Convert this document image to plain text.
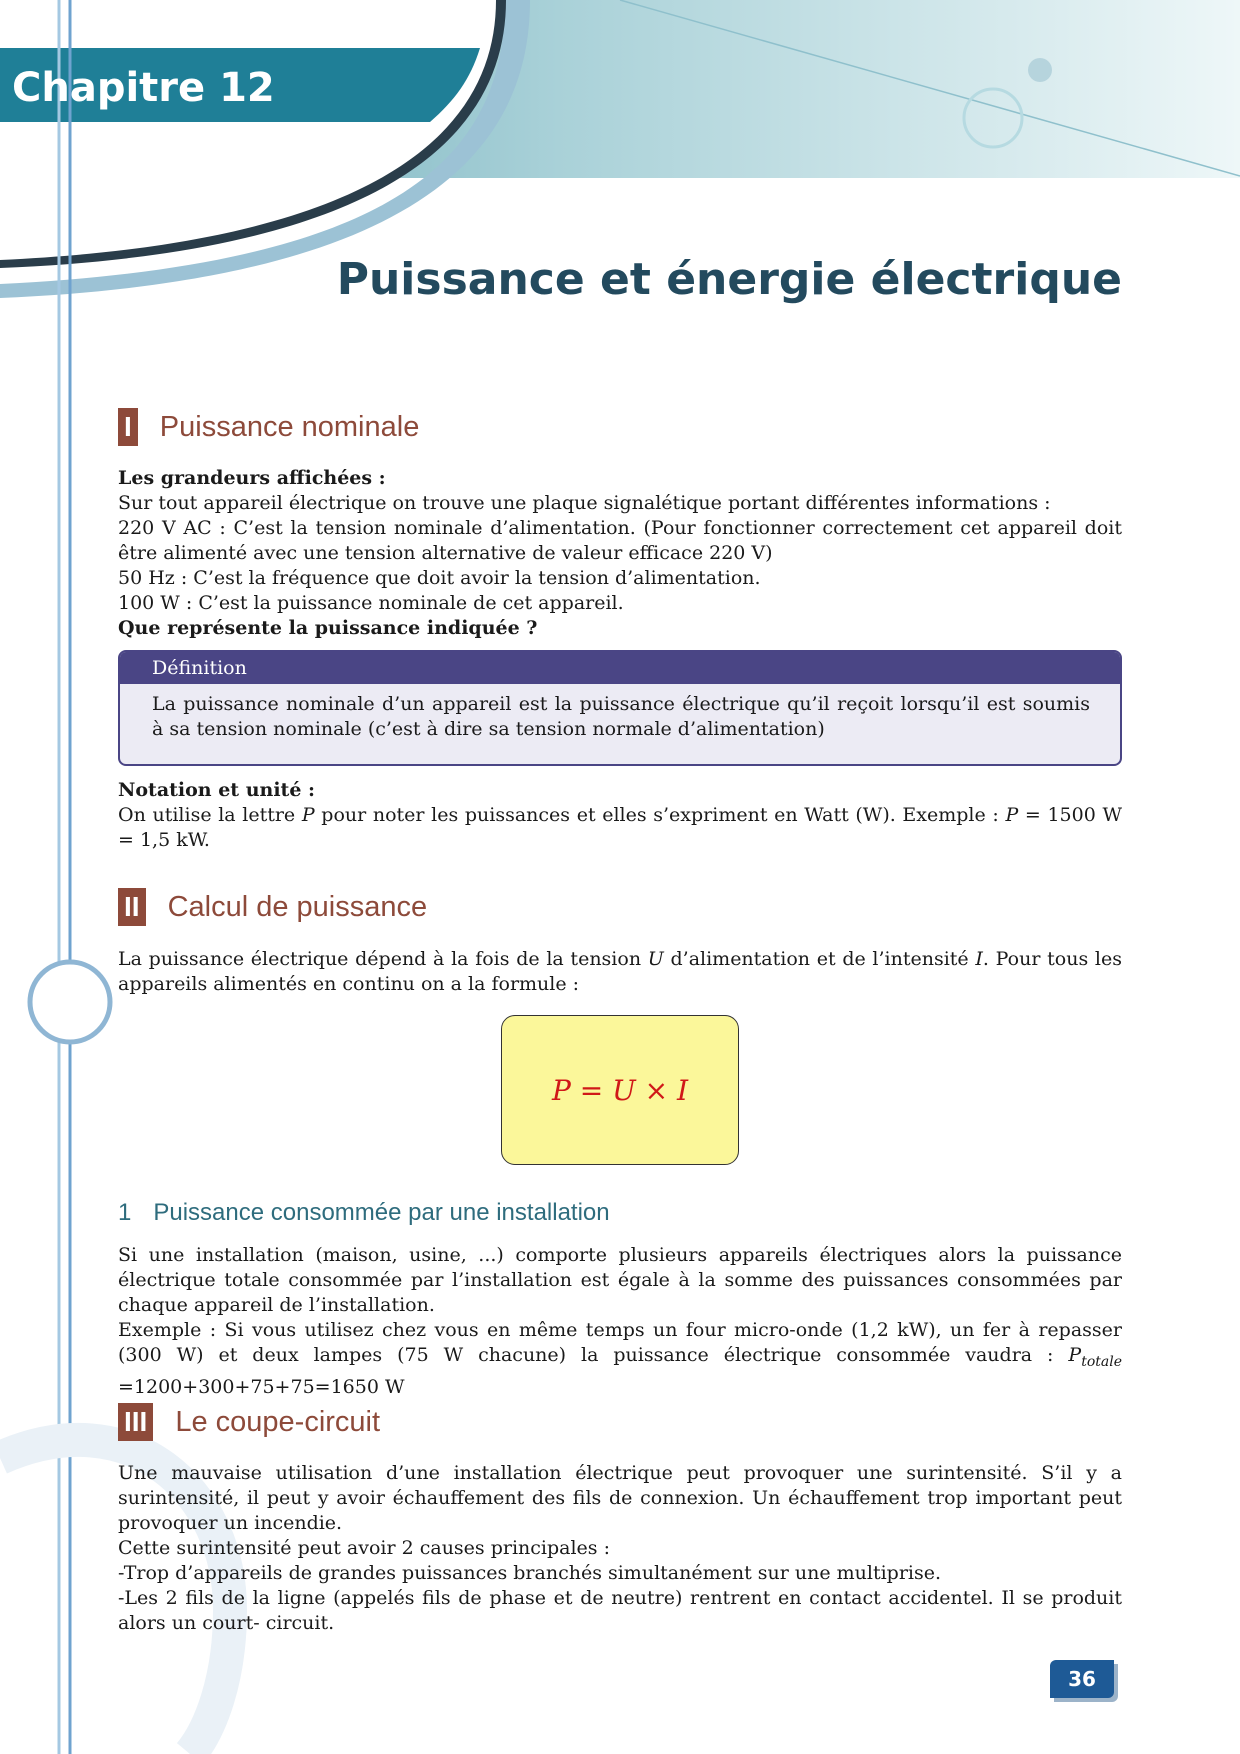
Chapitre 12
Puissance et énergie électrique
I Puissance nominale

Les grandeurs affichées :

Sur tout appareil électrique on trouve une plaque signalétique portant différentes informations :

220 V AC : C’est la tension nominale d’alimentation. (Pour fonctionner correctement cet appareil doit être alimenté avec une tension alternative de valeur efficace 220 V)

50 Hz : C’est la fréquence que doit avoir la tension d’alimentation.

100 W : C’est la puissance nominale de cet appareil.

Que représente la puissance indiquée ?

Définition
La puissance nominale d’un appareil est la puissance électrique qu’il reçoit lorsqu’il est soumis à sa tension nominale (c’est à dire sa tension normale d’alimentation)

Notation et unité :

On utilise la lettre P pour noter les puissances et elles s’expriment en Watt (W). Exemple : P = 1500 W = 1,5 kW.

II Calcul de puissance

La puissance électrique dépend à la fois de la tension U d’alimentation et de l’intensité I. Pour tous les appareils alimentés en continu on a la formule :

P = U × I
1 Puissance consommée par une installation

Si une installation (maison, usine, ...) comporte plusieurs appareils électriques alors la puissance électrique totale consommée par l’installation est égale à la somme des puissances consommées par chaque appareil de l’installation.

Exemple : Si vous utilisez chez vous en même temps un four micro-onde (1,2 kW), un fer à repasser (300 W) et deux lampes (75 W chacune) la puissance électrique consommée vaudra : $P_{totale} =1200+300+75+75=1650$ W

III Le coupe-circuit

Une mauvaise utilisation d’une installation électrique peut provoquer une surintensité. S’il y a surintensité, il peut y avoir échauffement des fils de connexion. Un échauffement trop important peut provoquer un incendie.

Cette surintensité peut avoir 2 causes principales :

-Trop d’appareils de grandes puissances branchés simultanément sur une multiprise.

-Les 2 fils de la ligne (appelés fils de phase et de neutre) rentrent en contact accidentel. Il se produit alors un court- circuit.

36
